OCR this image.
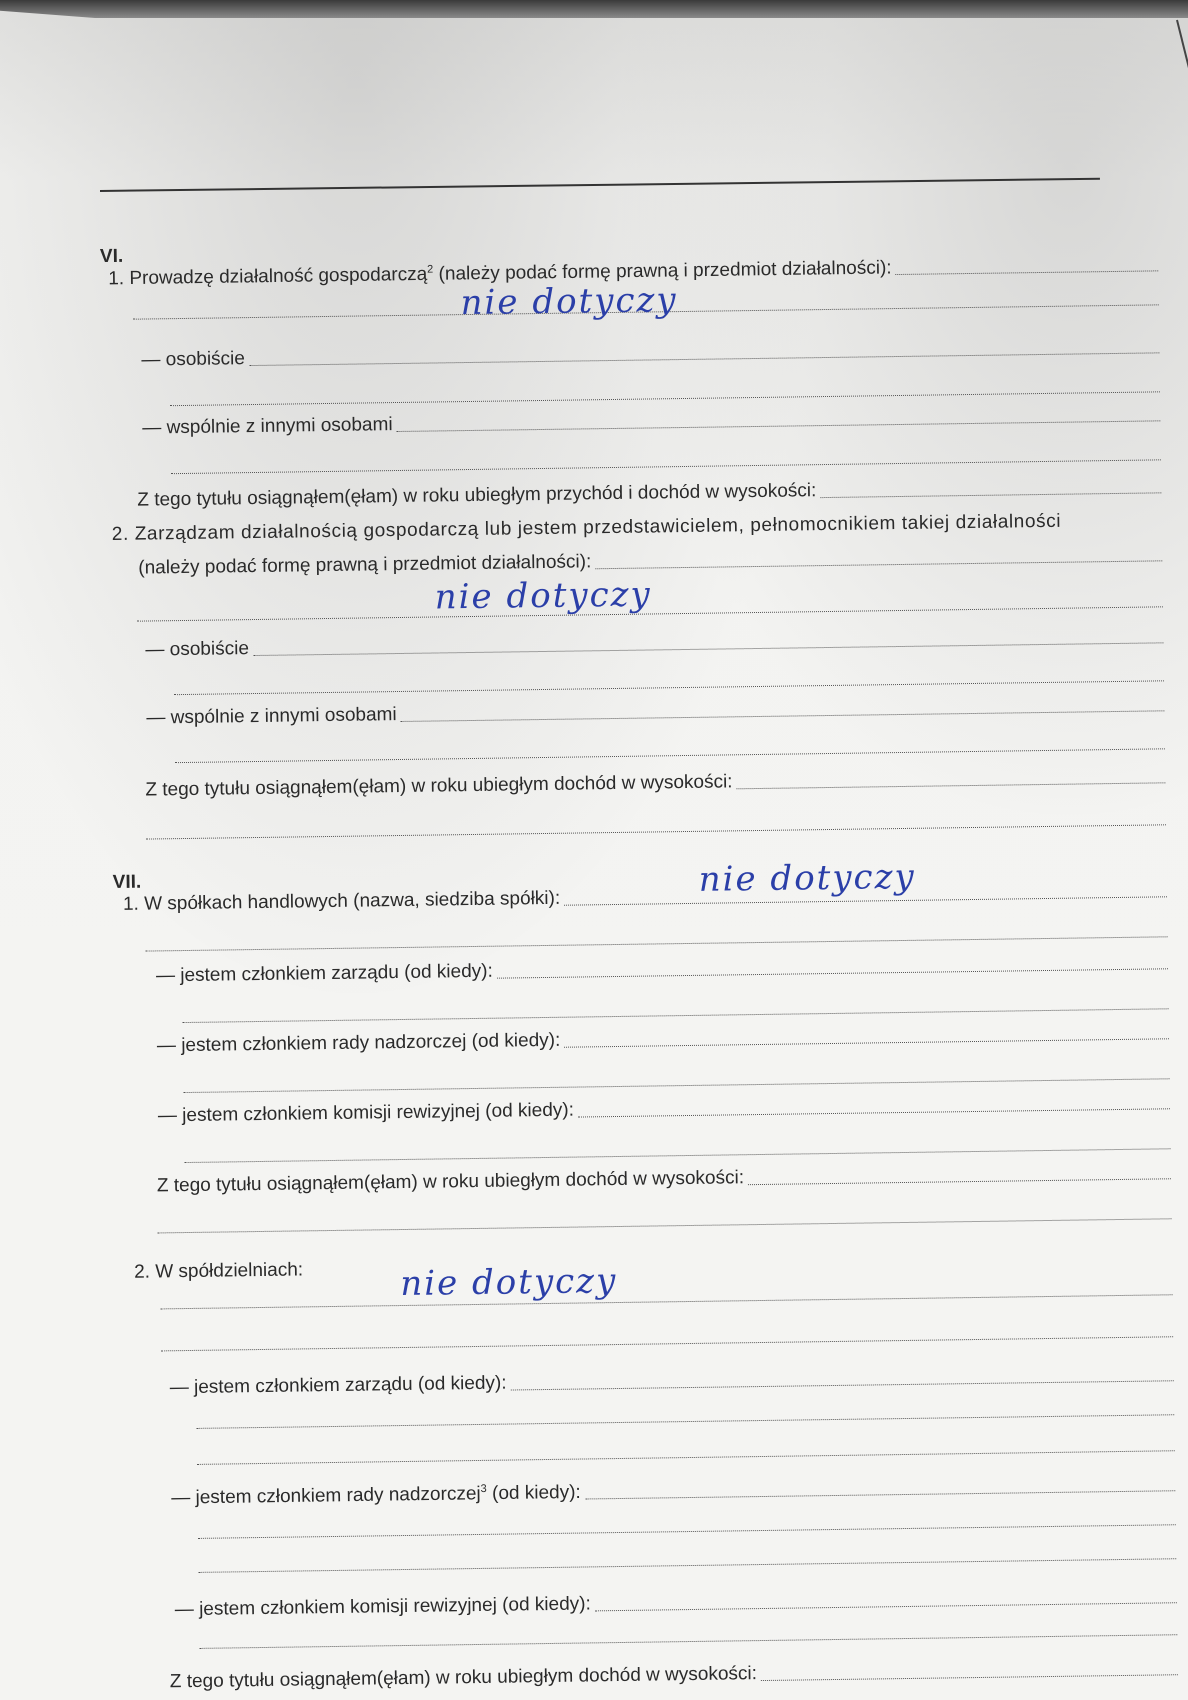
VI.
1. Prowadzę działalność gospodarczą$^2$ (należy podać formę prawną i przedmiot działalności):
nie dotyczy
— osobiście
— wspólnie z innymi osobami
Z tego tytułu osiągnąłem(ęłam) w roku ubiegłym przychód i dochód w wysokości:
2. Zarządzam działalnością gospodarczą lub jestem przedstawicielem, pełnomocnikiem takiej działalności
(należy podać formę prawną i przedmiot działalności):
nie dotyczy
— osobiście
— wspólnie z innymi osobami
Z tego tytułu osiągnąłem(ęłam) w roku ubiegłym dochód w wysokości:
VII.
1. W spółkach handlowych (nazwa, siedziba spółki):
nie dotyczy
— jestem członkiem zarządu (od kiedy):
— jestem członkiem rady nadzorczej (od kiedy):
— jestem członkiem komisji rewizyjnej (od kiedy):
Z tego tytułu osiągnąłem(ęłam) w roku ubiegłym dochód w wysokości:
2. W spółdzielniach:	nie dotyczy
— jestem członkiem zarządu (od kiedy):
— jestem członkiem rady nadzorczej$^3$ (od kiedy):
— jestem członkiem komisji rewizyjnej (od kiedy):
Z tego tytułu osiągnąłem(ęłam) w roku ubiegłym dochód w wysokości:
